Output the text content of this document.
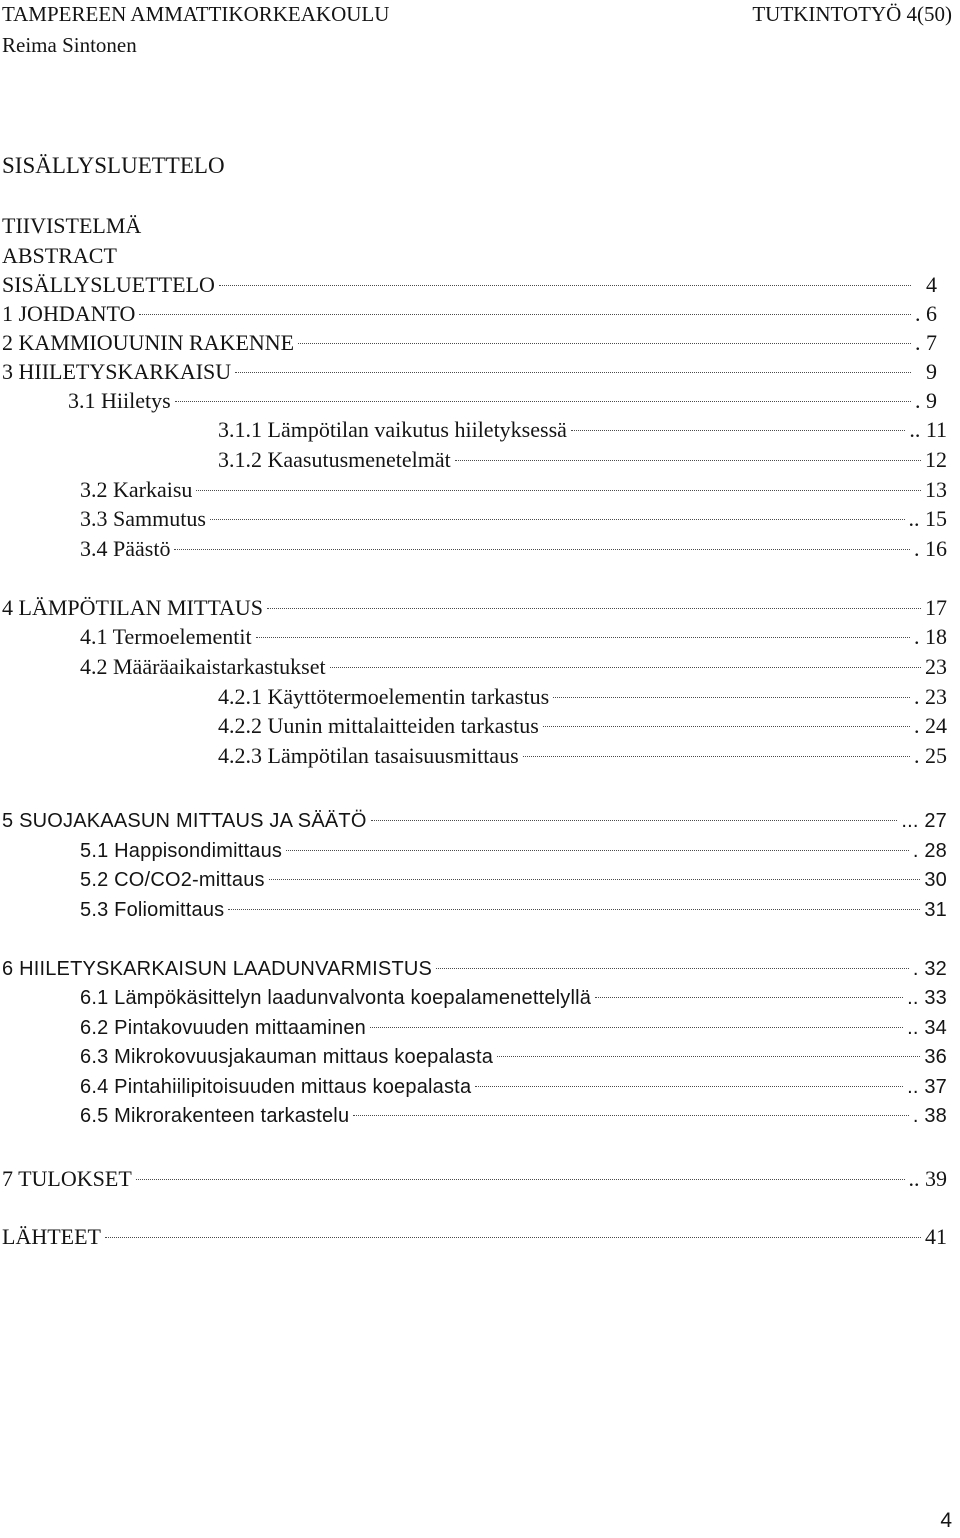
TAMPEREEN AMMATTIKORKEAKOULU
Reima Sintonen
TUTKINTOTYÖ 4(50)
SISÄLLYSLUETTELO
TIIVISTELMÄ
ABSTRACT
SISÄLLYSLUETTELO	4
1 JOHDANTO	. 6
2 KAMMIOUUNIN RAKENNE	. 7
3 HIILETYSKARKAISU	9
3.1 Hiiletys	. 9
3.1.1 Lämpötilan vaikutus hiiletyksessä	.. 11
3.1.2 Kaasutusmenetelmät	12
3.2 Karkaisu	13
3.3 Sammutus	.. 15
3.4 Päästö	. 16
4 LÄMPÖTILAN MITTAUS	17
4.1 Termoelementit	. 18
4.2 Määräaikaistarkastukset	23
4.2.1 Käyttötermoelementin tarkastus	. 23
4.2.2 Uunin mittalaitteiden tarkastus	. 24
4.2.3 Lämpötilan tasaisuusmittaus	. 25
5 SUOJAKAASUN MITTAUS JA SÄÄTÖ	... 27
5.1 Happisondimittaus	. 28
5.2 CO/CO2-mittaus	30
5.3 Foliomittaus	31
6 HIILETYSKARKAISUN LAADUNVARMISTUS	. 32
6.1 Lämpökäsittelyn laadunvalvonta koepalamenettelyllä	.. 33
6.2 Pintakovuuden mittaaminen	.. 34
6.3 Mikrokovuusjakauman mittaus koepalasta	36
6.4 Pintahiilipitoisuuden mittaus koepalasta	.. 37
6.5 Mikrorakenteen tarkastelu	. 38
7 TULOKSET	.. 39
LÄHTEET	41
4
